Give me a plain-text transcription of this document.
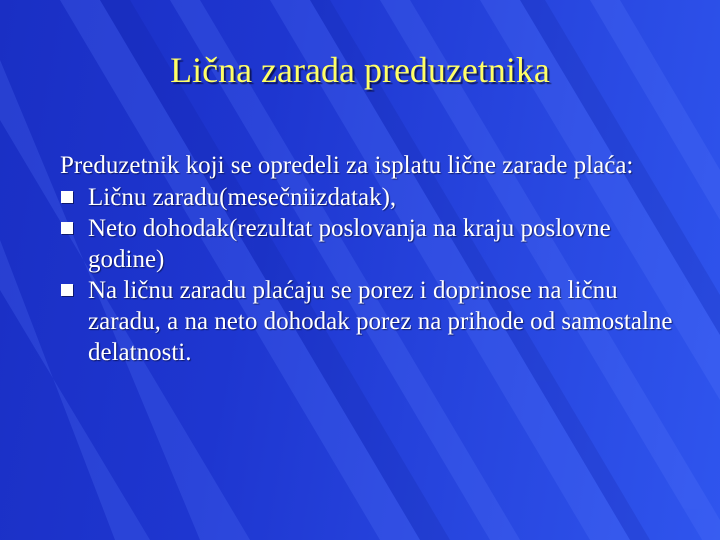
Lična zarada preduzetnika

Preduzetnik koji se opredeli za isplatu lične zarade plaća:

Ličnu zaradu(mesečniizdatak),
Neto dohodak(rezultat poslovanja na kraju poslovne godine)
Na ličnu zaradu plaćaju se porez i doprinose na ličnu zaradu, a na neto dohodak porez na prihode od samostalne delatnosti.
